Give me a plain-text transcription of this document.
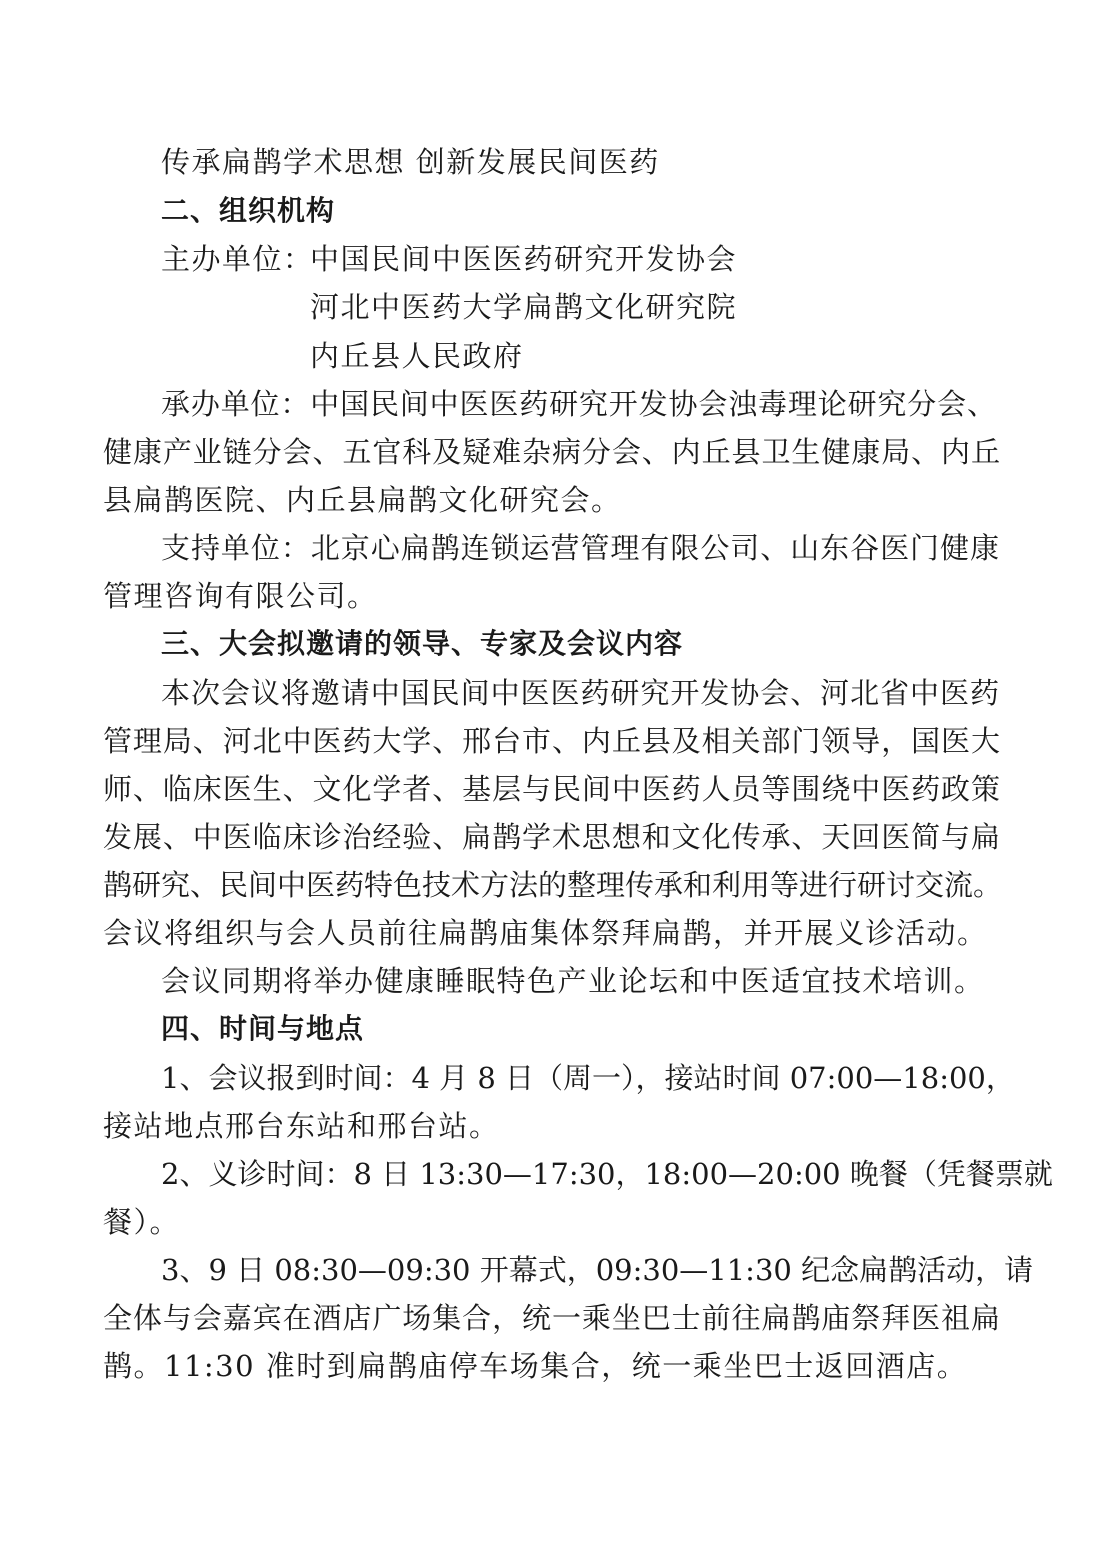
传承扁鹊学术思想 创新发展民间医药
二、组织机构
主办单位：
中国民间中医医药研究开发协会
河北中医药大学扁鹊文化研究院
内丘县人民政府
承办单位：中国民间中医医药研究开发协会浊毒理论研究分会、
健康产业链分会、五官科及疑难杂病分会、内丘县卫生健康局、内丘
县扁鹊医院、内丘县扁鹊文化研究会。
支持单位：北京心扁鹊连锁运营管理有限公司、山东谷医门健康
管理咨询有限公司。
三、大会拟邀请的领导、专家及会议内容
本次会议将邀请中国民间中医医药研究开发协会、河北省中医药
管理局、河北中医药大学、邢台市、内丘县及相关部门领导，国医大
师、临床医生、文化学者、基层与民间中医药人员等围绕中医药政策
发展、中医临床诊治经验、扁鹊学术思想和文化传承、天回医简与扁
鹊研究、民间中医药特色技术方法的整理传承和利用等进行研讨交流。
会议将组织与会人员前往扁鹊庙集体祭拜扁鹊，并开展义诊活动。
会议同期将举办健康睡眠特色产业论坛和中医适宜技术培训。
四、时间与地点
1、会议报到时间：4 月 8 日（周一），接站时间 07:00—18:00，
接站地点邢台东站和邢台站。
2、义诊时间：8 日 13:30—17:30，18:00—20:00 晚餐（凭餐票就
餐）。
3、9 日 08:30—09:30 开幕式，09:30—11:30 纪念扁鹊活动，请
全体与会嘉宾在酒店广场集合，统一乘坐巴士前往扁鹊庙祭拜医祖扁
鹊。11:30 准时到扁鹊庙停车场集合，统一乘坐巴士返回酒店。
